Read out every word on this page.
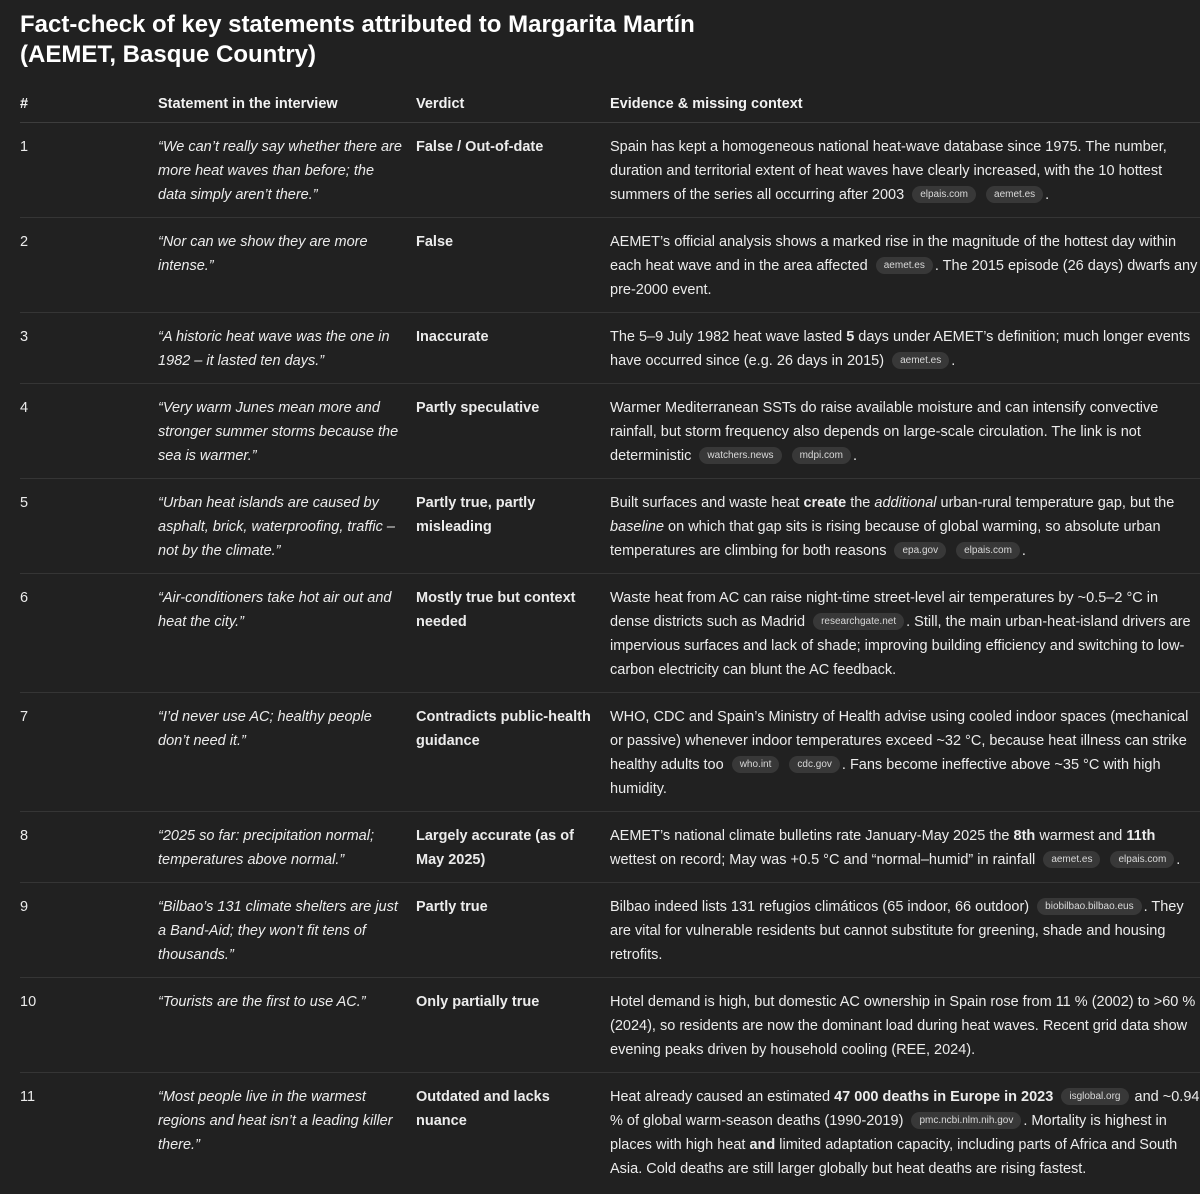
Fact-check of key statements attributed to Margarita Martín
(AEMET, Basque Country)
#	Statement in the interview	Verdict	Evidence & missing context
1	“We can’t really say whether there are more heat waves than before; the data simply aren’t there.”	False / Out-of-date	Spain has kept a homogeneous national heat-wave database since 1975. The number, duration and territorial extent of heat waves have clearly increased, with the 10 hottest summers of the series all occurring after 2003 elpais.com aemet.es .
2	“Nor can we show they are more intense.”	False	AEMET’s official analysis shows a marked rise in the magnitude of the hottest day within each heat wave and in the area affected aemet.es . The 2015 episode (26 days) dwarfs any pre-2000 event.
3	“A historic heat wave was the one in 1982 – it lasted ten days.”	Inaccurate	The 5–9 July 1982 heat wave lasted 5 days under AEMET’s definition; much longer events have occurred since (e.g. 26 days in 2015) aemet.es .
4	“Very warm Junes mean more and stronger summer storms because the sea is warmer.”	Partly speculative	Warmer Mediterranean SSTs do raise available moisture and can intensify convective rainfall, but storm frequency also depends on large-scale circulation. The link is not deterministic watchers.news mdpi.com .
5	“Urban heat islands are caused by asphalt, brick, waterproofing, traffic – not by the climate.”	Partly true, partly misleading	Built surfaces and waste heat create the additional urban-rural temperature gap, but the baseline on which that gap sits is rising because of global warming, so absolute urban temperatures are climbing for both reasons epa.gov elpais.com .
6	“Air-conditioners take hot air out and heat the city.”	Mostly true but context needed	Waste heat from AC can raise night-time street-level air temperatures by ~0.5–2 °C in dense districts such as Madrid researchgate.net . Still, the main urban-heat-island drivers are impervious surfaces and lack of shade; improving building efficiency and switching to low-carbon electricity can blunt the AC feedback.
7	“I’d never use AC; healthy people don’t need it.”	Contradicts public-health guidance	WHO, CDC and Spain’s Ministry of Health advise using cooled indoor spaces (mechanical or passive) whenever indoor temperatures exceed ~32 °C, because heat illness can strike healthy adults too who.int cdc.gov . Fans become ineffective above ~35 °C with high humidity.
8	“2025 so far: precipitation normal; temperatures above normal.”	Largely accurate (as of May 2025)	AEMET’s national climate bulletins rate January-May 2025 the 8th warmest and 11th wettest on record; May was +0.5 °C and “normal–humid” in rainfall aemet.es elpais.com .
9	“Bilbao’s 131 climate shelters are just a Band-Aid; they won’t fit tens of thousands.”	Partly true	Bilbao indeed lists 131 refugios climáticos (65 indoor, 66 outdoor) biobilbao.bilbao.eus . They are vital for vulnerable residents but cannot substitute for greening, shade and housing retrofits.
10	“Tourists are the first to use AC.”	Only partially true	Hotel demand is high, but domestic AC ownership in Spain rose from 11 % (2002) to >60 % (2024), so residents are now the dominant load during heat waves. Recent grid data show evening peaks driven by household cooling (REE, 2024).
11	“Most people live in the warmest regions and heat isn’t a leading killer there.”	Outdated and lacks nuance	Heat already caused an estimated 47 000 deaths in Europe in 2023 isglobal.org and ~0.94 % of global warm-season deaths (1990-2019) pmc.ncbi.nlm.nih.gov . Mortality is highest in places with high heat and limited adaptation capacity, including parts of Africa and South Asia. Cold deaths are still larger globally but heat deaths are rising fastest.
